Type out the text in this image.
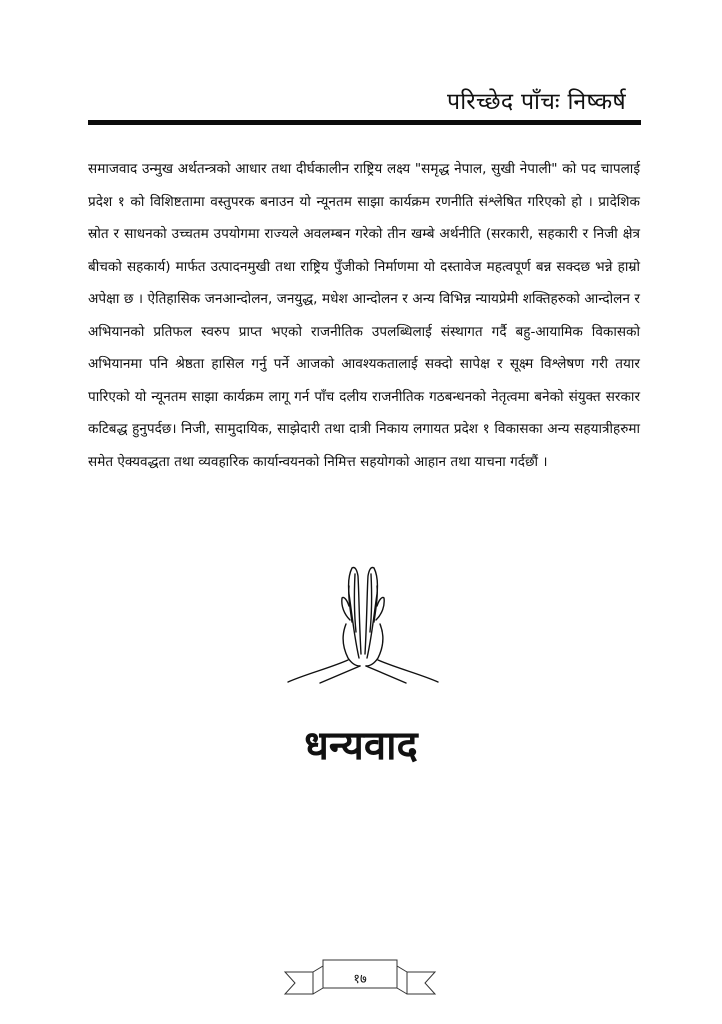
परिच्छेद पाँचः निष्कर्ष

समाजवाद उन्मुख अर्थतन्त्रको आधार तथा दीर्घकालीन राष्ट्रिय लक्ष्य "समृद्ध नेपाल, सुखी नेपाली" को पद चापलाई प्रदेश १ को विशिष्टतामा वस्तुपरक बनाउन यो न्यूनतम साझा कार्यक्रम रणनीति संश्लेषित गरिएको हो । प्रादेशिक स्रोत र साधनको उच्चतम उपयोगमा राज्यले अवलम्बन गरेको तीन खम्बे अर्थनीति (सरकारी, सहकारी र निजी क्षेत्र बीचको सहकार्य) मार्फत उत्पादनमुखी तथा राष्ट्रिय पुँजीको निर्माणमा यो दस्तावेज महत्वपूर्ण बन्न सक्दछ भन्ने हाम्रो अपेक्षा छ । ऐतिहासिक जनआन्दोलन, जनयुद्ध, मधेश आन्दोलन र अन्य विभिन्न न्यायप्रेमी शक्तिहरुको आन्दोलन र अभियानको प्रतिफल स्वरुप प्राप्त भएको राजनीतिक उपलब्धिलाई संस्थागत गर्दै बहु-आयामिक विकासको अभियानमा पनि श्रेष्ठता हासिल गर्नु पर्ने आजको आवश्यकतालाई सक्दो सापेक्ष र सूक्ष्म विश्लेषण गरी तयार पारिएको यो न्यूनतम साझा कार्यक्रम लागू गर्न पाँच दलीय राजनीतिक गठबन्धनको नेतृत्वमा बनेको संयुक्त सरकार कटिबद्ध हुनुपर्दछ। निजी, सामुदायिक, साझेदारी तथा दात्री निकाय लगायत प्रदेश १ विकासका अन्य सहयात्रीहरुमा समेत ऐक्यवद्धता तथा व्यवहारिक कार्यान्वयनको निमित्त सहयोगको आहान तथा याचना गर्दछौं ।

धन्यवाद
१७
